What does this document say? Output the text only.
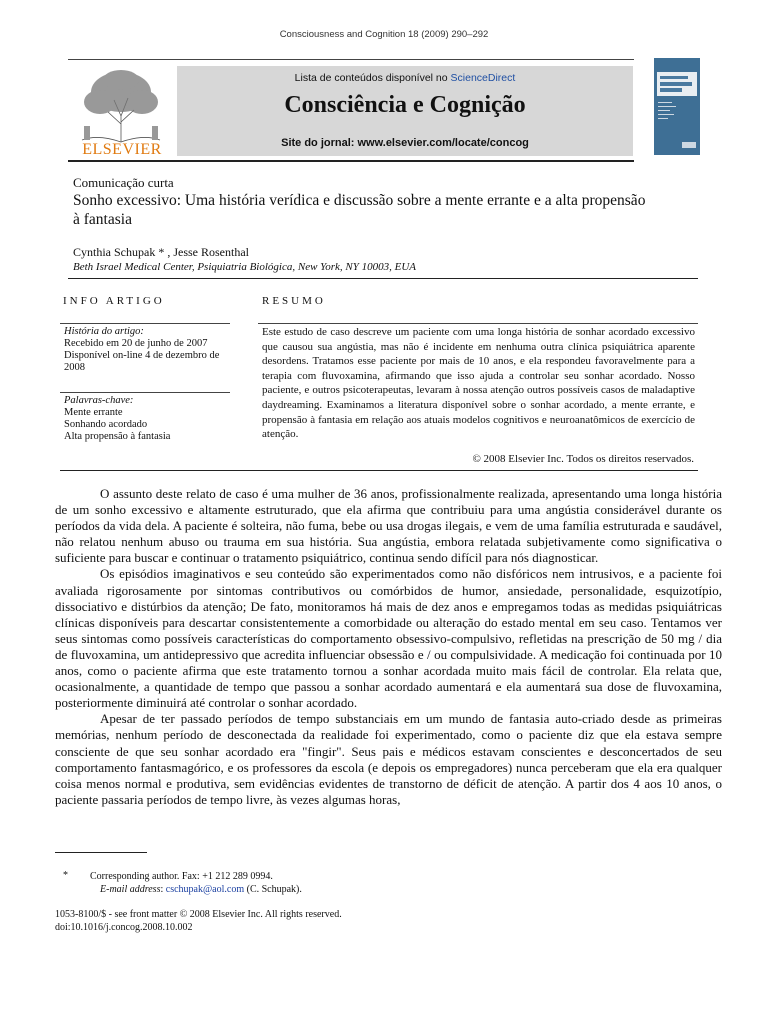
Consciousness and Cognition 18 (2009) 290–292
ELSEVIER
Lista de conteúdos disponível no ScienceDirect
Consciência e Cognição
Site do jornal: www.elsevier.com/locate/concog
Comunicação curta
Sonho excessivo: Uma história verídica e discussão sobre a mente errante e a alta propensão à fantasia
Cynthia Schupak * , Jesse Rosenthal
Beth Israel Medical Center, Psiquiatria Biológica, New York, NY 10003, EUA
INFO ARTIGO	RESUMO
História do artigo:
Recebido em 20 de junho de 2007
Disponível on-line 4 de dezembro de 2008
Palavras-chave:
Mente errante
Sonhando acordado
Alta propensão à fantasia
Este estudo de caso descreve um paciente com uma longa história de sonhar acordado excessivo que causou sua angústia, mas não é incidente em nenhuma outra clínica psiquiátrica aparente desordens. Tratamos esse paciente por mais de 10 anos, e ela respondeu favoravelmente para a terapia com fluvoxamina, afirmando que isso ajuda a controlar seu sonhar acordado. Nosso paciente, e outros psicoterapeutas, levaram à nossa atenção outros possíveis casos de maladaptive daydreaming. Examinamos a literatura disponível sobre o sonhar acordado, a mente errante, e propensão à fantasia em relação aos atuais modelos cognitivos e neuroanatômicos de exercício de atenção.
© 2008 Elsevier Inc. Todos os direitos reservados.

O assunto deste relato de caso é uma mulher de 36 anos, profissionalmente realizada, apresentando uma longa história de um sonho excessivo e altamente estruturado, que ela afirma que contribuiu para uma angústia considerável durante os períodos da vida dela. A paciente é solteira, não fuma, bebe ou usa drogas ilegais, e vem de uma família estruturada e saudável, não relatou nenhum abuso ou trauma em sua história. Sua angústia, embora relatada subjetivamente como significativa o suficiente para buscar e continuar o tratamento psiquiátrico, continua sendo difícil para nós diagnosticar.

Os episódios imaginativos e seu conteúdo são experimentados como não disfóricos nem intrusivos, e a paciente foi avaliada rigorosamente por sintomas contributivos ou comórbidos de humor, ansiedade, personalidade, esquizotípio, dissociativo e distúrbios da atenção; De fato, monitoramos há mais de dez anos e empregamos todas as medidas psiquiátricas clínicas disponíveis para descartar consistentemente a comorbidade ou alteração do estado mental em seu caso. Tentamos ver seus sintomas como possíveis características do comportamento obsessivo-compulsivo, refletidas na prescrição de 50 mg / dia de fluvoxamina, um antidepressivo que acredita influenciar obsessão e / ou compulsividade. A medicação foi continuada por 10 anos, como o paciente afirma que este tratamento tornou a sonhar acordada muito mais fácil de controlar. Ela relata que, ocasionalmente, a quantidade de tempo que passou a sonhar acordado aumentará e ela aumentará sua dose de fluvoxamina, posteriormente diminuirá até controlar o sonhar acordado.

Apesar de ter passado períodos de tempo substanciais em um mundo de fantasia auto-criado desde as primeiras memórias, nenhum período de desconectada da realidade foi experimentado, como o paciente diz que ela estava sempre consciente de que seu sonhar acordado era "fingir". Seus pais e médicos estavam conscientes e desconcertados de seu comportamento fantasmagórico, e os professores da escola (e depois os empregadores) nunca perceberam que ela era qualquer coisa menos normal e produtiva, sem evidências evidentes de transtorno de déficit de atenção. A partir dos 4 aos 10 anos, o paciente passaria períodos de tempo livre, às vezes algumas horas,

* Corresponding author. Fax: +1 212 289 0994.
E-mail address: cschupak@aol.com (C. Schupak).
1053-8100/$ - see front matter © 2008 Elsevier Inc. All rights reserved.
doi:10.1016/j.concog.2008.10.002
